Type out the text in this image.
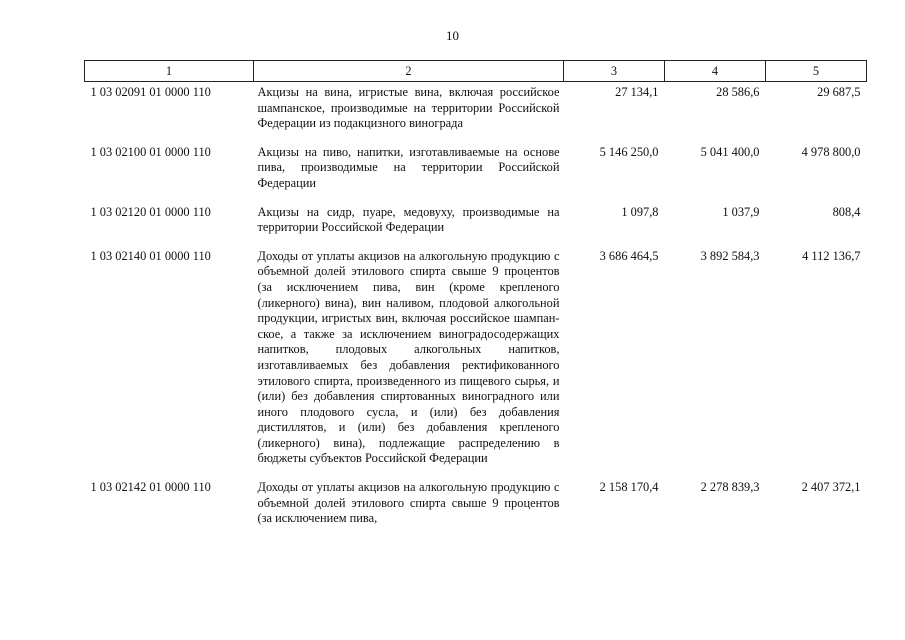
10
1	2	3	4	5
1 03 02091 01 0000 110	Акцизы на вина, игристые вина, включая российское шампанское, производимые на территории Российской Федерации из подакцизного винограда	27 134,1	28 586,6	29 687,5
1 03 02100 01 0000 110	Акцизы на пиво, напитки, изготавливаемые на основе пива, производимые на территории Российской Федерации	5 146 250,0	5 041 400,0	4 978 800,0
1 03 02120 01 0000 110	Акцизы на сидр, пуаре, медовуху, производимые на территории Российской Федерации	1 097,8	1 037,9	808,4
1 03 02140 01 0000 110	Доходы от уплаты акцизов на алкогольную продукцию с объемной долей этилового спирта свыше 9 процентов (за исключением пива, вин (кроме крепленого (ликерного) вина), вин наливом, плодовой алкогольной продукции, игристых вин, включая российское шампанское, а также за исключением виноградосодержащих напитков, плодовых алкогольных напитков, изготавливаемых без добавления ректификованного этилового спирта, произведенного из пищевого сырья, и (или) без добавления спиртованных виноградного или иного плодового сусла, и (или) без добавления дистиллятов, и (или) без добавления крепленого (ликерного) вина), подлежащие распределению в бюджеты субъектов Российской Федерации	3 686 464,5	3 892 584,3	4 112 136,7
1 03 02142 01 0000 110	Доходы от уплаты акцизов на алкогольную продукцию с объемной долей этилового спирта свыше 9 процентов (за исключением пива,	2 158 170,4	2 278 839,3	2 407 372,1
